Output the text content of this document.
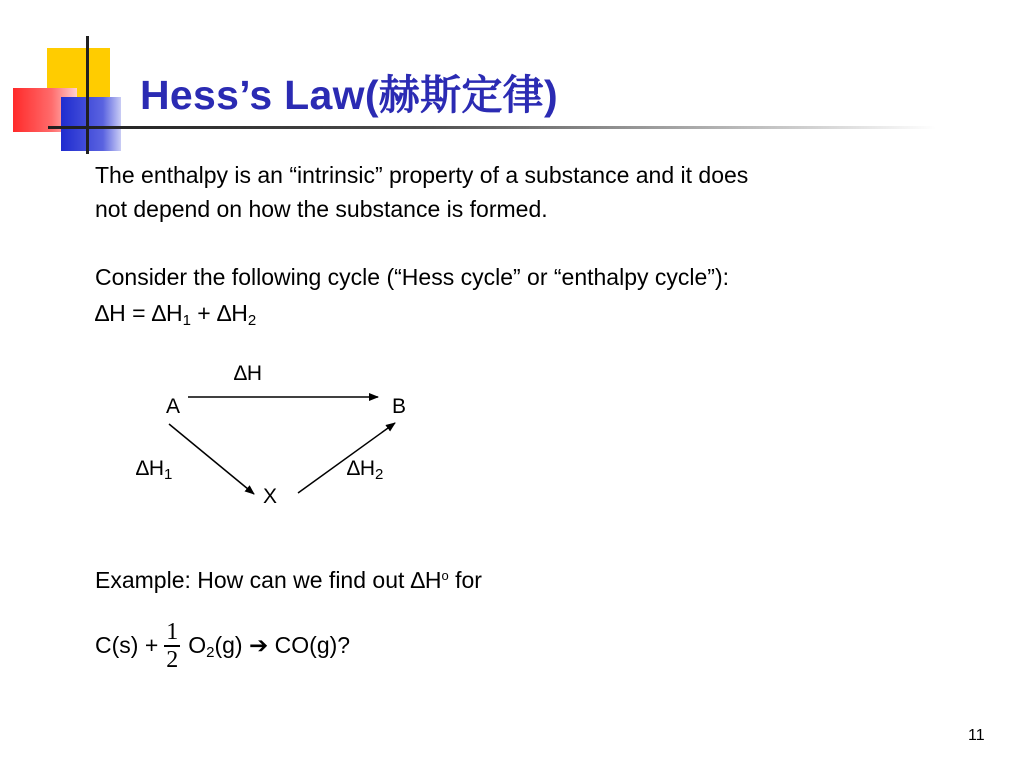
Hess’s Law(赫斯定律)
The enthalpy is an “intrinsic” property of a substance and it does
not depend on how the substance is formed.
Consider the following cycle (“Hess cycle” or “enthalpy cycle”):
$\Delta H = \Delta H_1 + \Delta H_2$
∆H
A	B
$\Delta H_1$	$\Delta H_2$
X
Example: How can we find out $\Delta H^o$ for
$C(s) + \frac{1}{2} O_2(g)$ ➔ CO(g)?
11
